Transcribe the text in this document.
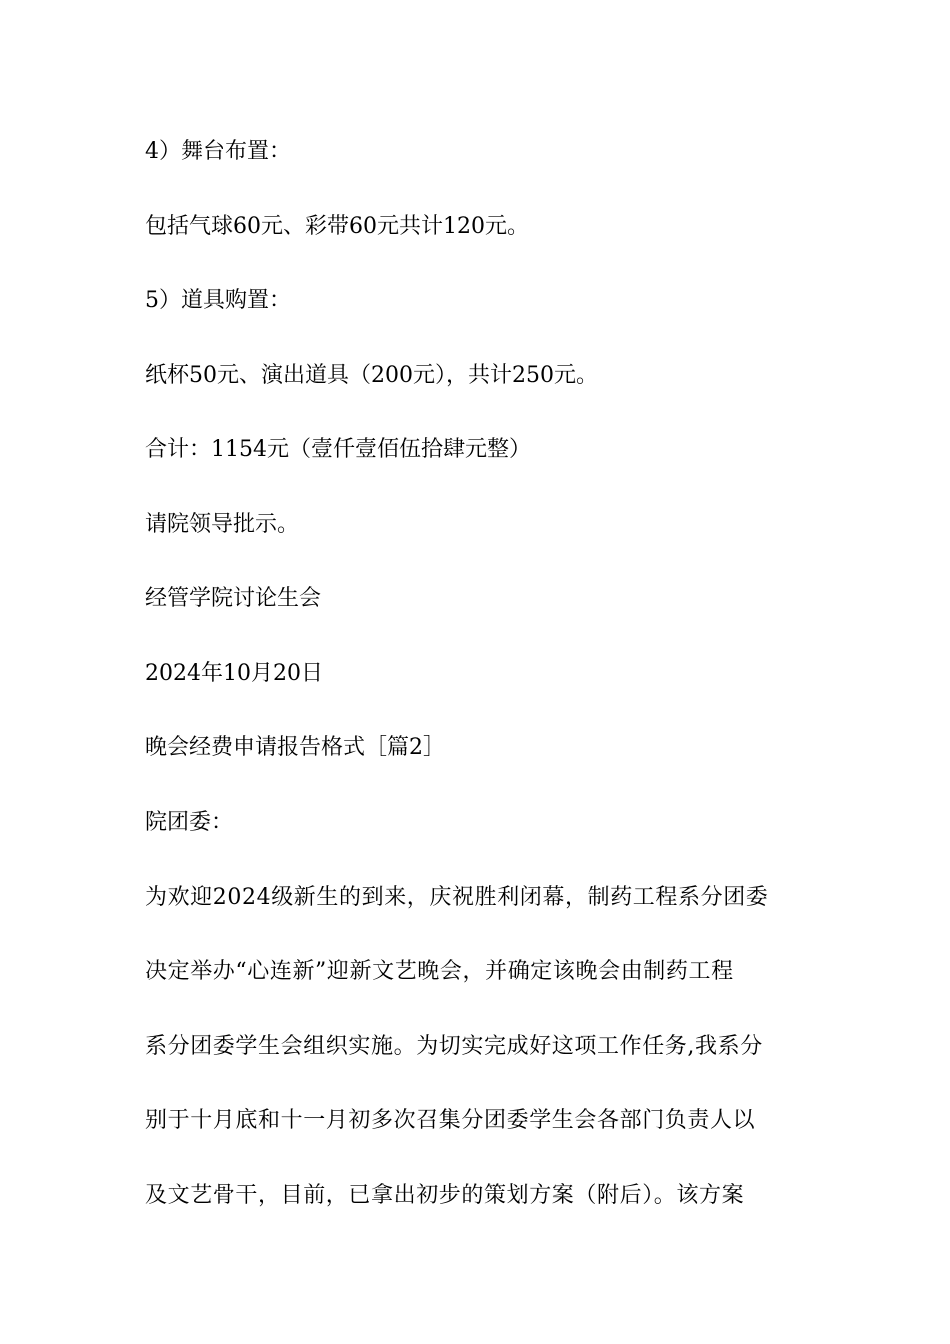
4）舞台布置：
包括气球60元、彩带60元共计120元。
5）道具购置：
纸杯50元、演出道具（200元），共计250元。
合计：1154元（壹仟壹佰伍拾肆元整）
请院领导批示。
经管学院讨论生会
2024年10月20日
晚会经费申请报告格式［篇2］
院团委：
为欢迎2024级新生的到来，庆祝胜利闭幕，制药工程系分团委
决定举办“心连新”迎新文艺晚会，并确定该晚会由制药工程
系分团委学生会组织实施。为切实完成好这项工作任务,我系分
别于十月底和十一月初多次召集分团委学生会各部门负责人以
及文艺骨干，目前，已拿出初步的策划方案（附后）。该方案
